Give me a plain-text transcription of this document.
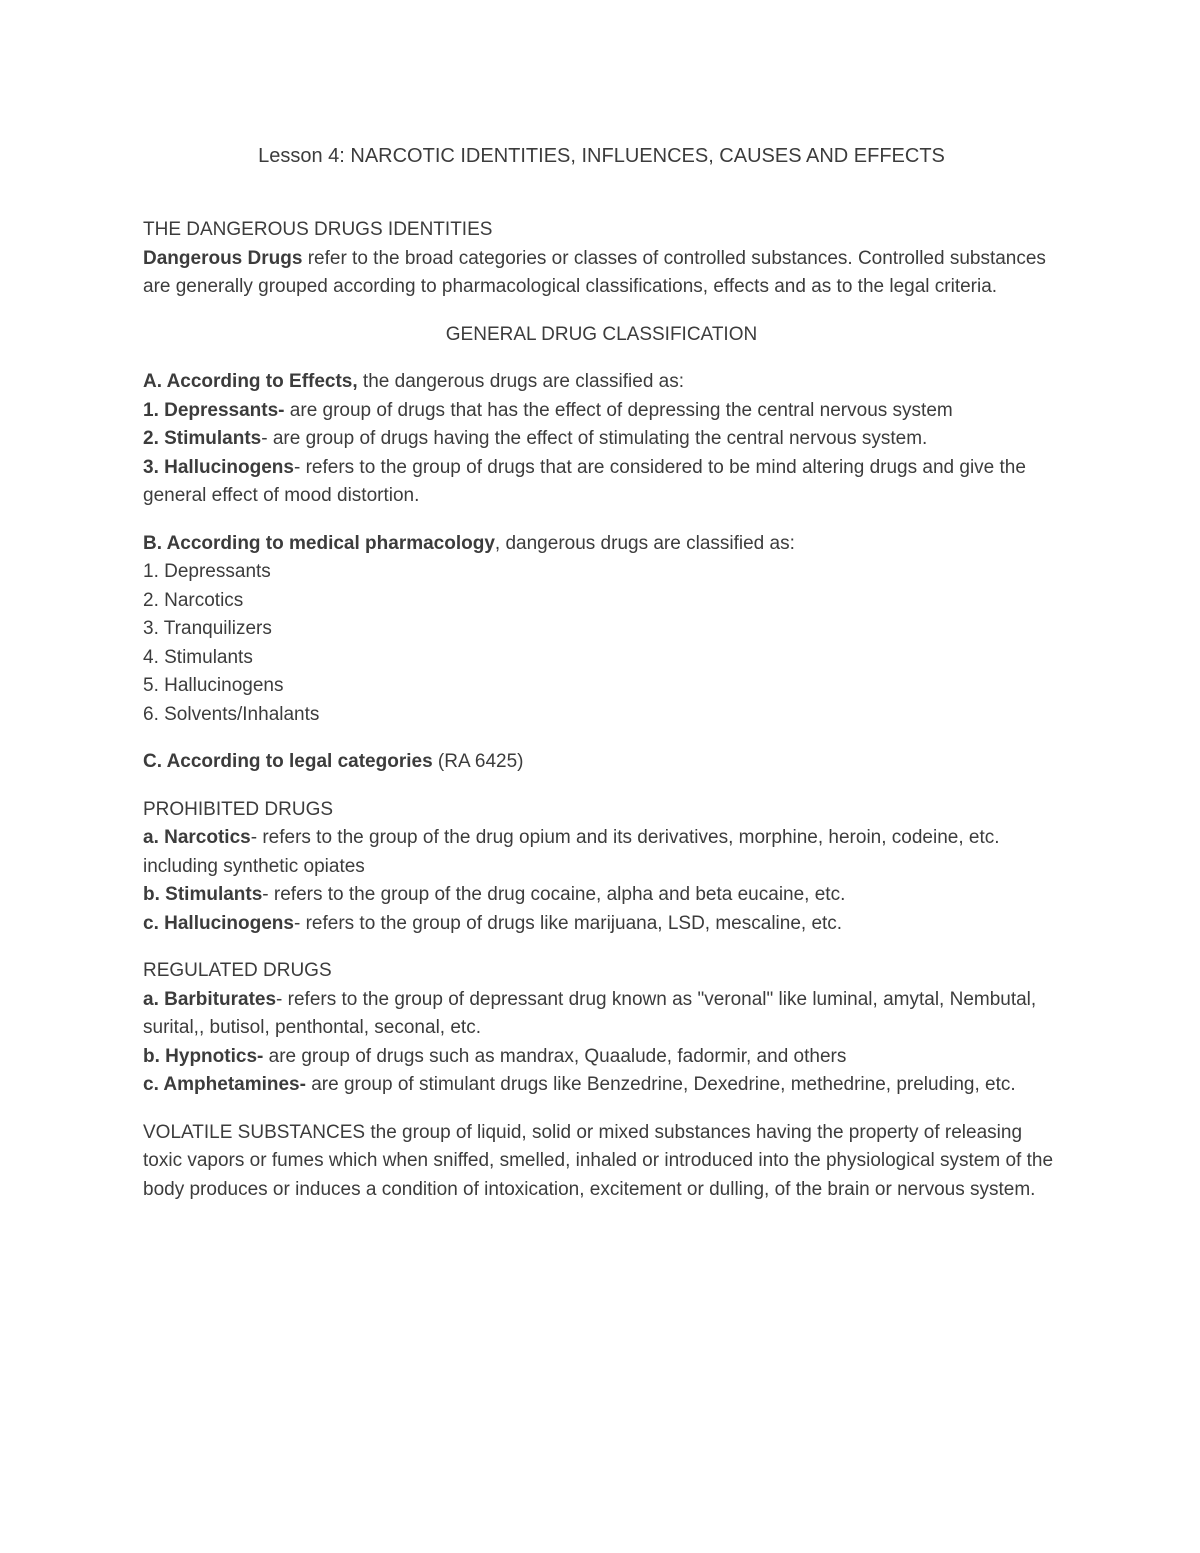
Lesson 4: NARCOTIC IDENTITIES, INFLUENCES, CAUSES AND EFFECTS

THE DANGEROUS DRUGS IDENTITIES

Dangerous Drugs refer to the broad categories or classes of controlled substances. Controlled substances are generally grouped according to pharmacological classifications, effects and as to the legal criteria.

GENERAL DRUG CLASSIFICATION

A. According to Effects, the dangerous drugs are classified as:

1. Depressants- are group of drugs that has the effect of depressing the central nervous system

2. Stimulants- are group of drugs having the effect of stimulating the central nervous system.

3. Hallucinogens- refers to the group of drugs that are considered to be mind altering drugs and give the general effect of mood distortion.

B. According to medical pharmacology, dangerous drugs are classified as:

1. Depressants

2. Narcotics

3. Tranquilizers

4. Stimulants

5. Hallucinogens

6. Solvents/Inhalants

C. According to legal categories (RA 6425)

PROHIBITED DRUGS

a. Narcotics- refers to the group of the drug opium and its derivatives, morphine, heroin, codeine, etc. including synthetic opiates

b. Stimulants- refers to the group of the drug cocaine, alpha and beta eucaine, etc.

c. Hallucinogens- refers to the group of drugs like marijuana, LSD, mescaline, etc.

REGULATED DRUGS

a. Barbiturates- refers to the group of depressant drug known as "veronal" like luminal, amytal, Nembutal, surital,, butisol, penthontal, seconal, etc.

b. Hypnotics- are group of drugs such as mandrax, Quaalude, fadormir, and others

c. Amphetamines- are group of stimulant drugs like Benzedrine, Dexedrine, methedrine, preluding, etc.

VOLATILE SUBSTANCES the group of liquid, solid or mixed substances having the property of releasing toxic vapors or fumes which when sniffed, smelled, inhaled or introduced into the physiological system of the body produces or induces a condition of intoxication, excitement or dulling, of the brain or nervous system.
